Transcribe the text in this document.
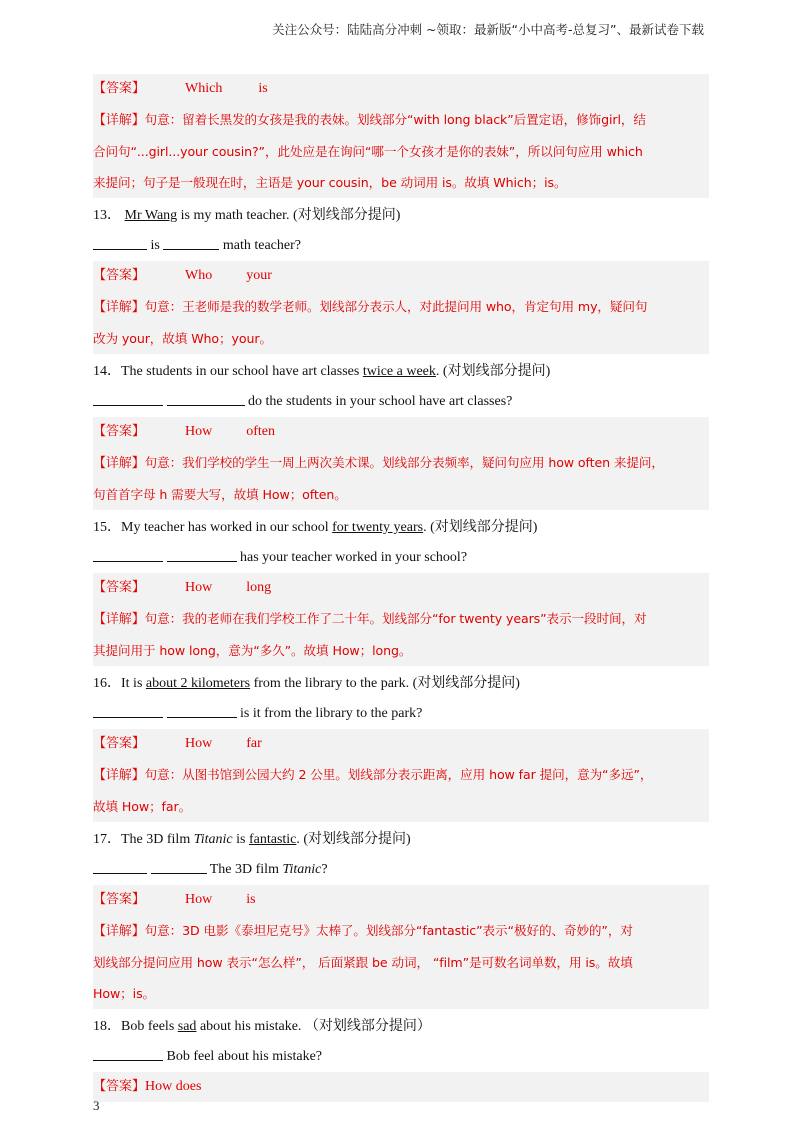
关注公众号：陆陆高分冲刺 ~领取：最新版“小中高考-总复习”、最新试卷下载
【答案】	Which	is
【详解】句意：留着长黑发的女孩是我的表妹。划线部分“with long black”后置定语，修饰girl，结
合问句“...girl...your cousin?”，此处应是在询问“哪一个女孩才是你的表妹”，所以问句应用 which
来提问；句子是一般现在时，主语是 your cousin，be 动词用 is。故填 Which；is。
13． Mr Wang is my math teacher. (对划线部分提问)
is	math teacher?
【答案】	Who your
【详解】句意：王老师是我的数学老师。划线部分表示人，对此提问用 who，肯定句用 my，疑问句
改为 your，故填 Who；your。
14．The students in our school have art classes twice a week. (对划线部分提问)
do the students in your school have art classes?
【答案】	How often
【详解】句意：我们学校的学生一周上两次美术课。划线部分表频率，疑问句应用 how often 来提问，
句首首字母 h 需要大写，故填 How；often。
15．My teacher has worked in our school for twenty years. (对划线部分提问)
has your teacher worked in your school?
【答案】	How long
【详解】句意：我的老师在我们学校工作了二十年。划线部分“for twenty years”表示一段时间，对
其提问用于 how long，意为“多久”。故填 How；long。
16．It is about 2 kilometers from the library to the park. (对划线部分提问)
is it from the library to the park?
【答案】	How far
【详解】句意：从图书馆到公园大约 2 公里。划线部分表示距离，应用 how far 提问，意为“多远”，
故填 How；far。
17．The 3D film Titanic is fantastic. (对划线部分提问)
The 3D film Titanic?
【答案】	How is
【详解】句意：3D 电影《泰坦尼克号》太棒了。划线部分“fantastic”表示“极好的、奇妙的”，对
划线部分提问应用 how 表示“怎么样”， 后面紧跟 be 动词， “film”是可数名词单数，用 is。故填
How；is。
18．Bob feels sad about his mistake. （对划线部分提问）
Bob feel about his mistake?
【答案】How does
3
